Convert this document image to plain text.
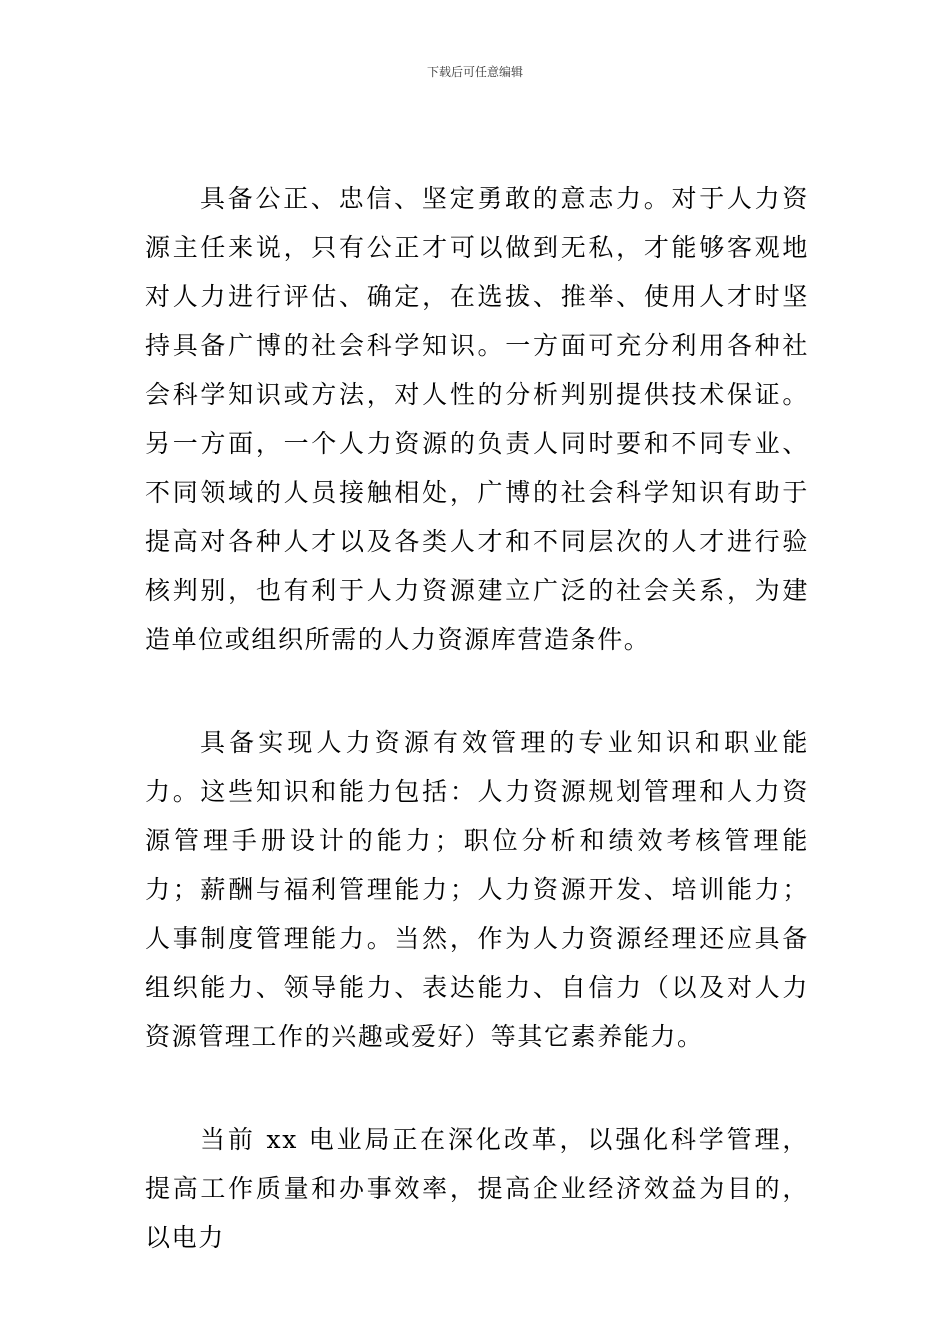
下载后可任意编辑

具备公正、忠信、坚定勇敢的意志力。对于人力资源主任来说，只有公正才可以做到无私，才能够客观地对人力进行评估、确定，在选拔、推举、使用人才时坚持具备广博的社会科学知识。一方面可充分利用各种社会科学知识或方法，对人性的分析判别提供技术保证。另一方面，一个人力资源的负责人同时要和不同专业、不同领域的人员接触相处，广博的社会科学知识有助于提高对各种人才以及各类人才和不同层次的人才进行验核判别，也有利于人力资源建立广泛的社会关系，为建造单位或组织所需的人力资源库营造条件。

具备实现人力资源有效管理的专业知识和职业能力。这些知识和能力包括：人力资源规划管理和人力资源管理手册设计的能力；职位分析和绩效考核管理能力；薪酬与福利管理能力；人力资源开发、培训能力；人事制度管理能力。当然，作为人力资源经理还应具备组织能力、领导能力、表达能力、自信力（以及对人力资源管理工作的兴趣或爱好）等其它素养能力。

当前 xx 电业局正在深化改革，以强化科学管理，提高工作质量和办事效率，提高企业经济效益为目的，以电力
